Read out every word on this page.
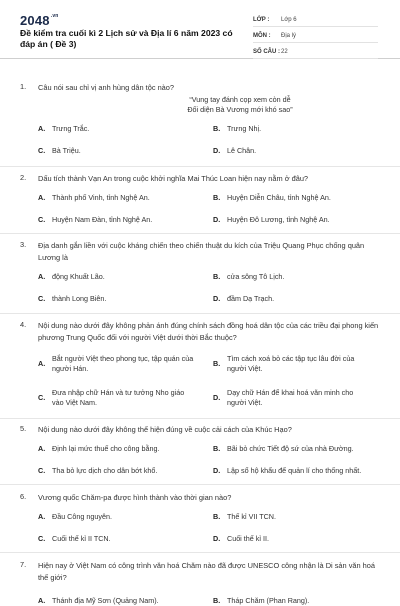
$2048^{.vn}$
Đề kiểm tra cuối kì 2 Lịch sử và Địa lí 6 năm 2023 có đáp án ( Đề 3)
LỚP :	Lớp 6
MÔN :	Địa lý
SỐ CÂU : 22
1. Câu nói sau chỉ vị anh hùng dân tộc nào?
“Vung tay đánh cọp xem còn dễ
Đối diện Bà Vương mới khó sao”
A. Trưng Trắc.	B. Trưng Nhị.
C. Bà Triệu.	D. Lê Chân.
2. Dấu tích thành Vạn An trong cuộc khởi nghĩa Mai Thúc Loan hiện nay nằm ở đâu?
A. Thành phố Vinh, tỉnh Nghệ An.	B. Huyện Diễn Châu, tỉnh Nghệ An.
C. Huyện Nam Đàn, tỉnh Nghệ An.	D. Huyện Đô Lương, tỉnh Nghệ An.
3. Địa danh gắn liền với cuộc kháng chiến theo chiến thuật du kích của Triệu Quang Phục chống quân Lương là
A. động Khuất Lão.	B. cửa sông Tô Lịch.
C. thành Long Biên.	D. đầm Dạ Trạch.
4. Nội dung nào dưới đây không phản ánh đúng chính sách đồng hoá dân tộc của các triều đại phong kiến phương Trung Quốc đối với người Việt dưới thời Bắc thuộc?
A.
Bắt người Việt theo phong tục, tập quán của người Hán.
B.
Tìm cách xoá bỏ các tập tục lâu đời của người Việt.
C.
Đưa nhập chữ Hán và tư tưởng Nho giáo vào Việt Nam.
D.
Dạy chữ Hán để khai hoá văn minh cho người Việt.
5. Nội dung nào dưới đây không thể hiện đúng về cuộc cải cách của Khúc Hạo?
A. Định lại mức thuế cho công bằng.	B. Bãi bỏ chức Tiết độ sứ của nhà Đường.
C. Tha bỏ lực dịch cho dân bớt khổ.	D. Lập sổ hộ khẩu để quản lí cho thống nhất.
6. Vương quốc Chăm-pa được hình thành vào thời gian nào?
A. Đầu Công nguyên.	B. Thế kỉ VII TCN.
C. Cuối thế kỉ II TCN.	D. Cuối thế kỉ II.
7. Hiện nay ở Việt Nam có công trình văn hoá Chăm nào đã được UNESCO công nhận là Di sản văn hoá thế giới?
A. Thánh địa Mỹ Sơn (Quảng Nam).	B. Tháp Chăm (Phan Rang).
